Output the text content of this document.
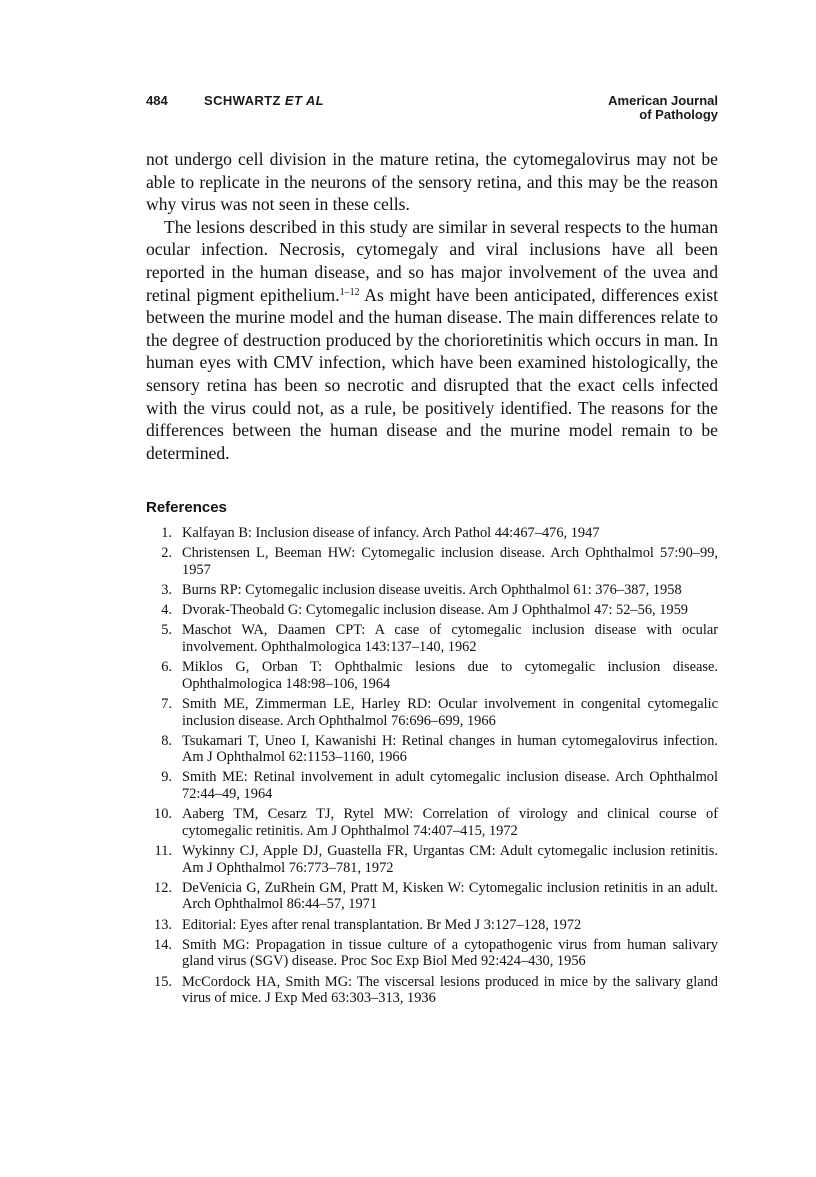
484	SCHWARTZ ET AL	American Journal
of Pathology

not undergo cell division in the mature retina, the cytomegalovirus may not be able to replicate in the neurons of the sensory retina, and this may be the reason why virus was not seen in these cells.

The lesions described in this study are similar in several respects to the human ocular infection. Necrosis, cytomegaly and viral inclusions have all been reported in the human disease, and so has major involvement of the uvea and retinal pigment epithelium.$^{1-12}$ As might have been anticipated, differences exist between the murine model and the human disease. The main differences relate to the degree of destruction produced by the chorioretinitis which occurs in man. In human eyes with CMV infection, which have been examined histologically, the sensory retina has been so necrotic and disrupted that the exact cells infected with the virus could not, as a rule, be positively identified. The reasons for the differences between the human disease and the murine model remain to be determined.

References
1. Kalfayan B: Inclusion disease of infancy. Arch Pathol 44:467–476, 1947
2. Christensen L, Beeman HW: Cytomegalic inclusion disease. Arch Ophthalmol 57:90–99, 1957
3. Burns RP: Cytomegalic inclusion disease uveitis. Arch Ophthalmol 61: 376–387, 1958
4. Dvorak-Theobald G: Cytomegalic inclusion disease. Am J Ophthalmol 47: 52–56, 1959
5. Maschot WA, Daamen CPT: A case of cytomegalic inclusion disease with ocular involvement. Ophthalmologica 143:137–140, 1962
6. Miklos G, Orban T: Ophthalmic lesions due to cytomegalic inclusion disease. Ophthalmologica 148:98–106, 1964
7. Smith ME, Zimmerman LE, Harley RD: Ocular involvement in congenital cytomegalic inclusion disease. Arch Ophthalmol 76:696–699, 1966
8. Tsukamari T, Uneo I, Kawanishi H: Retinal changes in human cytomegalovirus infection. Am J Ophthalmol 62:1153–1160, 1966
9. Smith ME: Retinal involvement in adult cytomegalic inclusion disease. Arch Ophthalmol 72:44–49, 1964
10. Aaberg TM, Cesarz TJ, Rytel MW: Correlation of virology and clinical course of cytomegalic retinitis. Am J Ophthalmol 74:407–415, 1972
11. Wykinny CJ, Apple DJ, Guastella FR, Urgantas CM: Adult cytomegalic inclusion retinitis. Am J Ophthalmol 76:773–781, 1972
12. DeVenicia G, ZuRhein GM, Pratt M, Kisken W: Cytomegalic inclusion retinitis in an adult. Arch Ophthalmol 86:44–57, 1971
13. Editorial: Eyes after renal transplantation. Br Med J 3:127–128, 1972
14. Smith MG: Propagation in tissue culture of a cytopathogenic virus from human salivary gland virus (SGV) disease. Proc Soc Exp Biol Med 92:424–430, 1956
15. McCordock HA, Smith MG: The viscersal lesions produced in mice by the salivary gland virus of mice. J Exp Med 63:303–313, 1936
